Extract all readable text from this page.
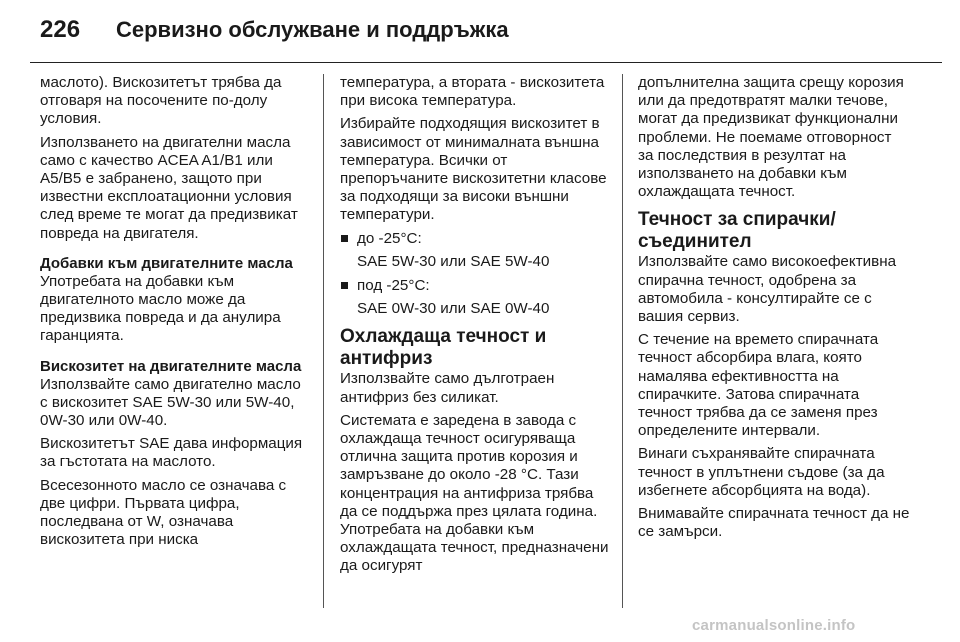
226	Сервизно обслужване и поддръжка

маслото). Вискозитетът трябва да отговаря на посочените по-долу условия.

Използването на двигателни масла само с качество ACEA A1/B1 или A5/B5 е забранено, защото при известни експлоатационни условия след време те могат да предизвикат повреда на двигателя.

Добавки към двигателните масла

Употребата на добавки към двигателното масло може да предизвика повреда и да анулира гаранцията.

Вискозитет на двигателните масла

Използвайте само двигателно масло с вискозитет SAE 5W-30 или 5W-40, 0W-30 или 0W-40.

Вискозитетът SAE дава информация за гъстотата на маслото.

Всесезонното масло се означава с две цифри. Първата цифра, последвана от W, означава вискозитета при ниска

температура, а втората - вискозитета при висока температура.

Избирайте подходящия вискозитет в зависимост от минималната външна температура. Всички от препоръчаните вискозитетни класове за подходящи за високи външни температури.

до -25°C:
SAE 5W-30 или SAE 5W-40
под -25°C:
SAE 0W-30 или SAE 0W-40
Охлаждаща течност и антифриз

Използвайте само дълготраен антифриз без силикат.

Системата е заредена в завода с охлаждаща течност осигуряваща отлична защита против корозия и замръзване до около -28 °C. Тази концентрация на антифриза трябва да се поддържа през цялата година. Употребата на добавки към охлаждащата течност, предназначени да осигурят

допълнителна защита срещу корозия или да предотвратят малки течове, могат да предизвикат функционални проблеми. Не поемаме отговорност за последствия в резултат на използването на добавки към охлаждащата течност.

Течност за спирачки/ съединител

Използвайте само високоефективна спирачна течност, одобрена за автомобила - консултирайте се с вашия сервиз.

С течение на времето спирачната течност абсорбира влага, която намалява ефективността на спирачките. Затова спирачната течност трябва да се заменя през определените интервали.

Винаги съхранявайте спирачната течност в уплътнени съдове (за да избегнете абсорбцията на вода).

Внимавайте спирачната течност да не се замърси.

carmanualsonline.info
